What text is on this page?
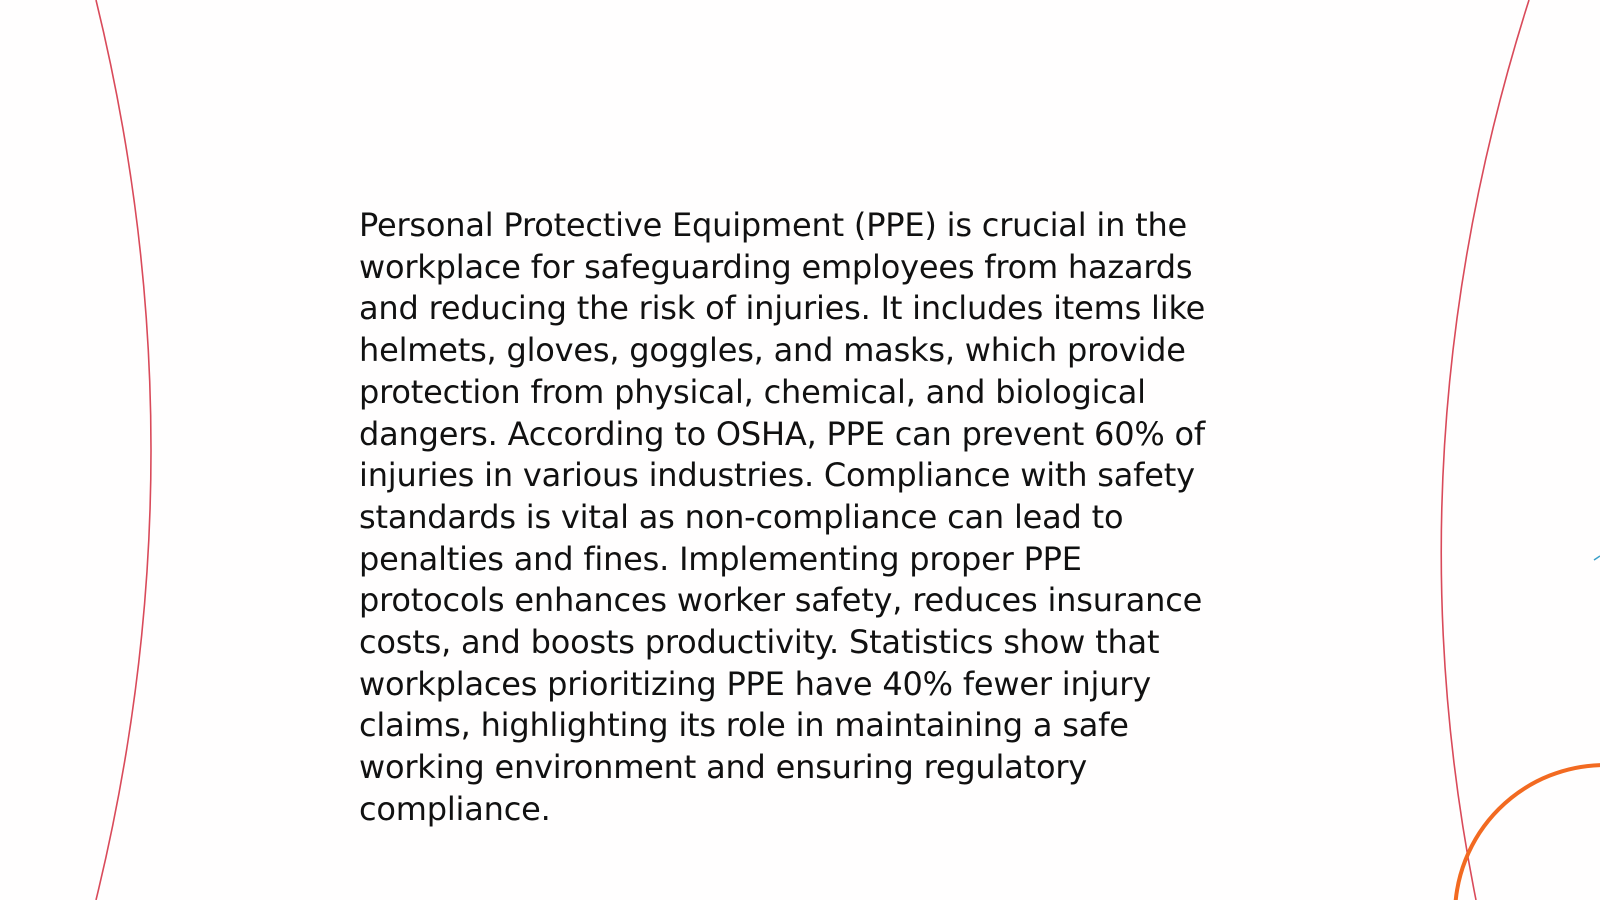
Personal Protective Equipment (PPE) is crucial in the
workplace for safeguarding employees from hazards
and reducing the risk of injuries. It includes items like
helmets, gloves, goggles, and masks, which provide
protection from physical, chemical, and biological
dangers. According to OSHA, PPE can prevent 60% of
injuries in various industries. Compliance with safety
standards is vital as non-compliance can lead to
penalties and fines. Implementing proper PPE
protocols enhances worker safety, reduces insurance
costs, and boosts productivity. Statistics show that
workplaces prioritizing PPE have 40% fewer injury
claims, highlighting its role in maintaining a safe
working environment and ensuring regulatory
compliance.
